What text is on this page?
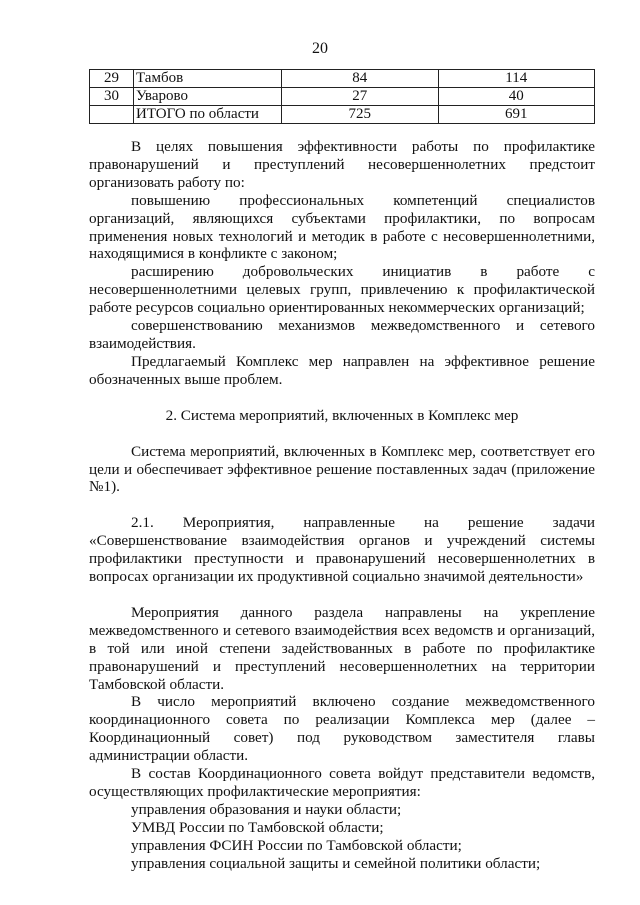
20
29	Тамбов	84	114
30	Уварово	27	40
	ИТОГО по области	725	691

В целях повышения эффективности работы по профилактике правонарушений и преступлений несовершеннолетних предстоит организовать работу по:

повышению профессиональных компетенций специалистов организаций, являющихся субъектами профилактики, по вопросам применения новых технологий и методик в работе с несовершеннолетними, находящимися в конфликте с законом;

расширению добровольческих инициатив в работе с несовершеннолетними целевых групп, привлечению к профилактической работе ресурсов социально ориентированных некоммерческих организаций;

совершенствованию механизмов межведомственного и сетевого взаимодействия.

Предлагаемый Комплекс мер направлен на эффективное решение обозначенных выше проблем.

2. Система мероприятий, включенных в Комплекс мер

Система мероприятий, включенных в Комплекс мер, соответствует его цели и обеспечивает эффективное решение поставленных задач (приложение №1).

2.1. Мероприятия, направленные на решение задачи «Совершенствование взаимодействия органов и учреждений системы профилактики преступности и правонарушений несовершеннолетних в вопросах организации их продуктивной социально значимой деятельности»

Мероприятия данного раздела направлены на укрепление межведомственного и сетевого взаимодействия всех ведомств и организаций, в той или иной степени задействованных в работе по профилактике правонарушений и преступлений несовершеннолетних на территории Тамбовской области.

В число мероприятий включено создание межведомственного координационного совета по реализации Комплекса мер (далее – Координационный совет) под руководством заместителя главы администрации области.

В состав Координационного совета войдут представители ведомств, осуществляющих профилактические мероприятия:

управления образования и науки области;

УМВД России по Тамбовской области;

управления ФСИН России по Тамбовской области;

управления социальной защиты и семейной политики области;
